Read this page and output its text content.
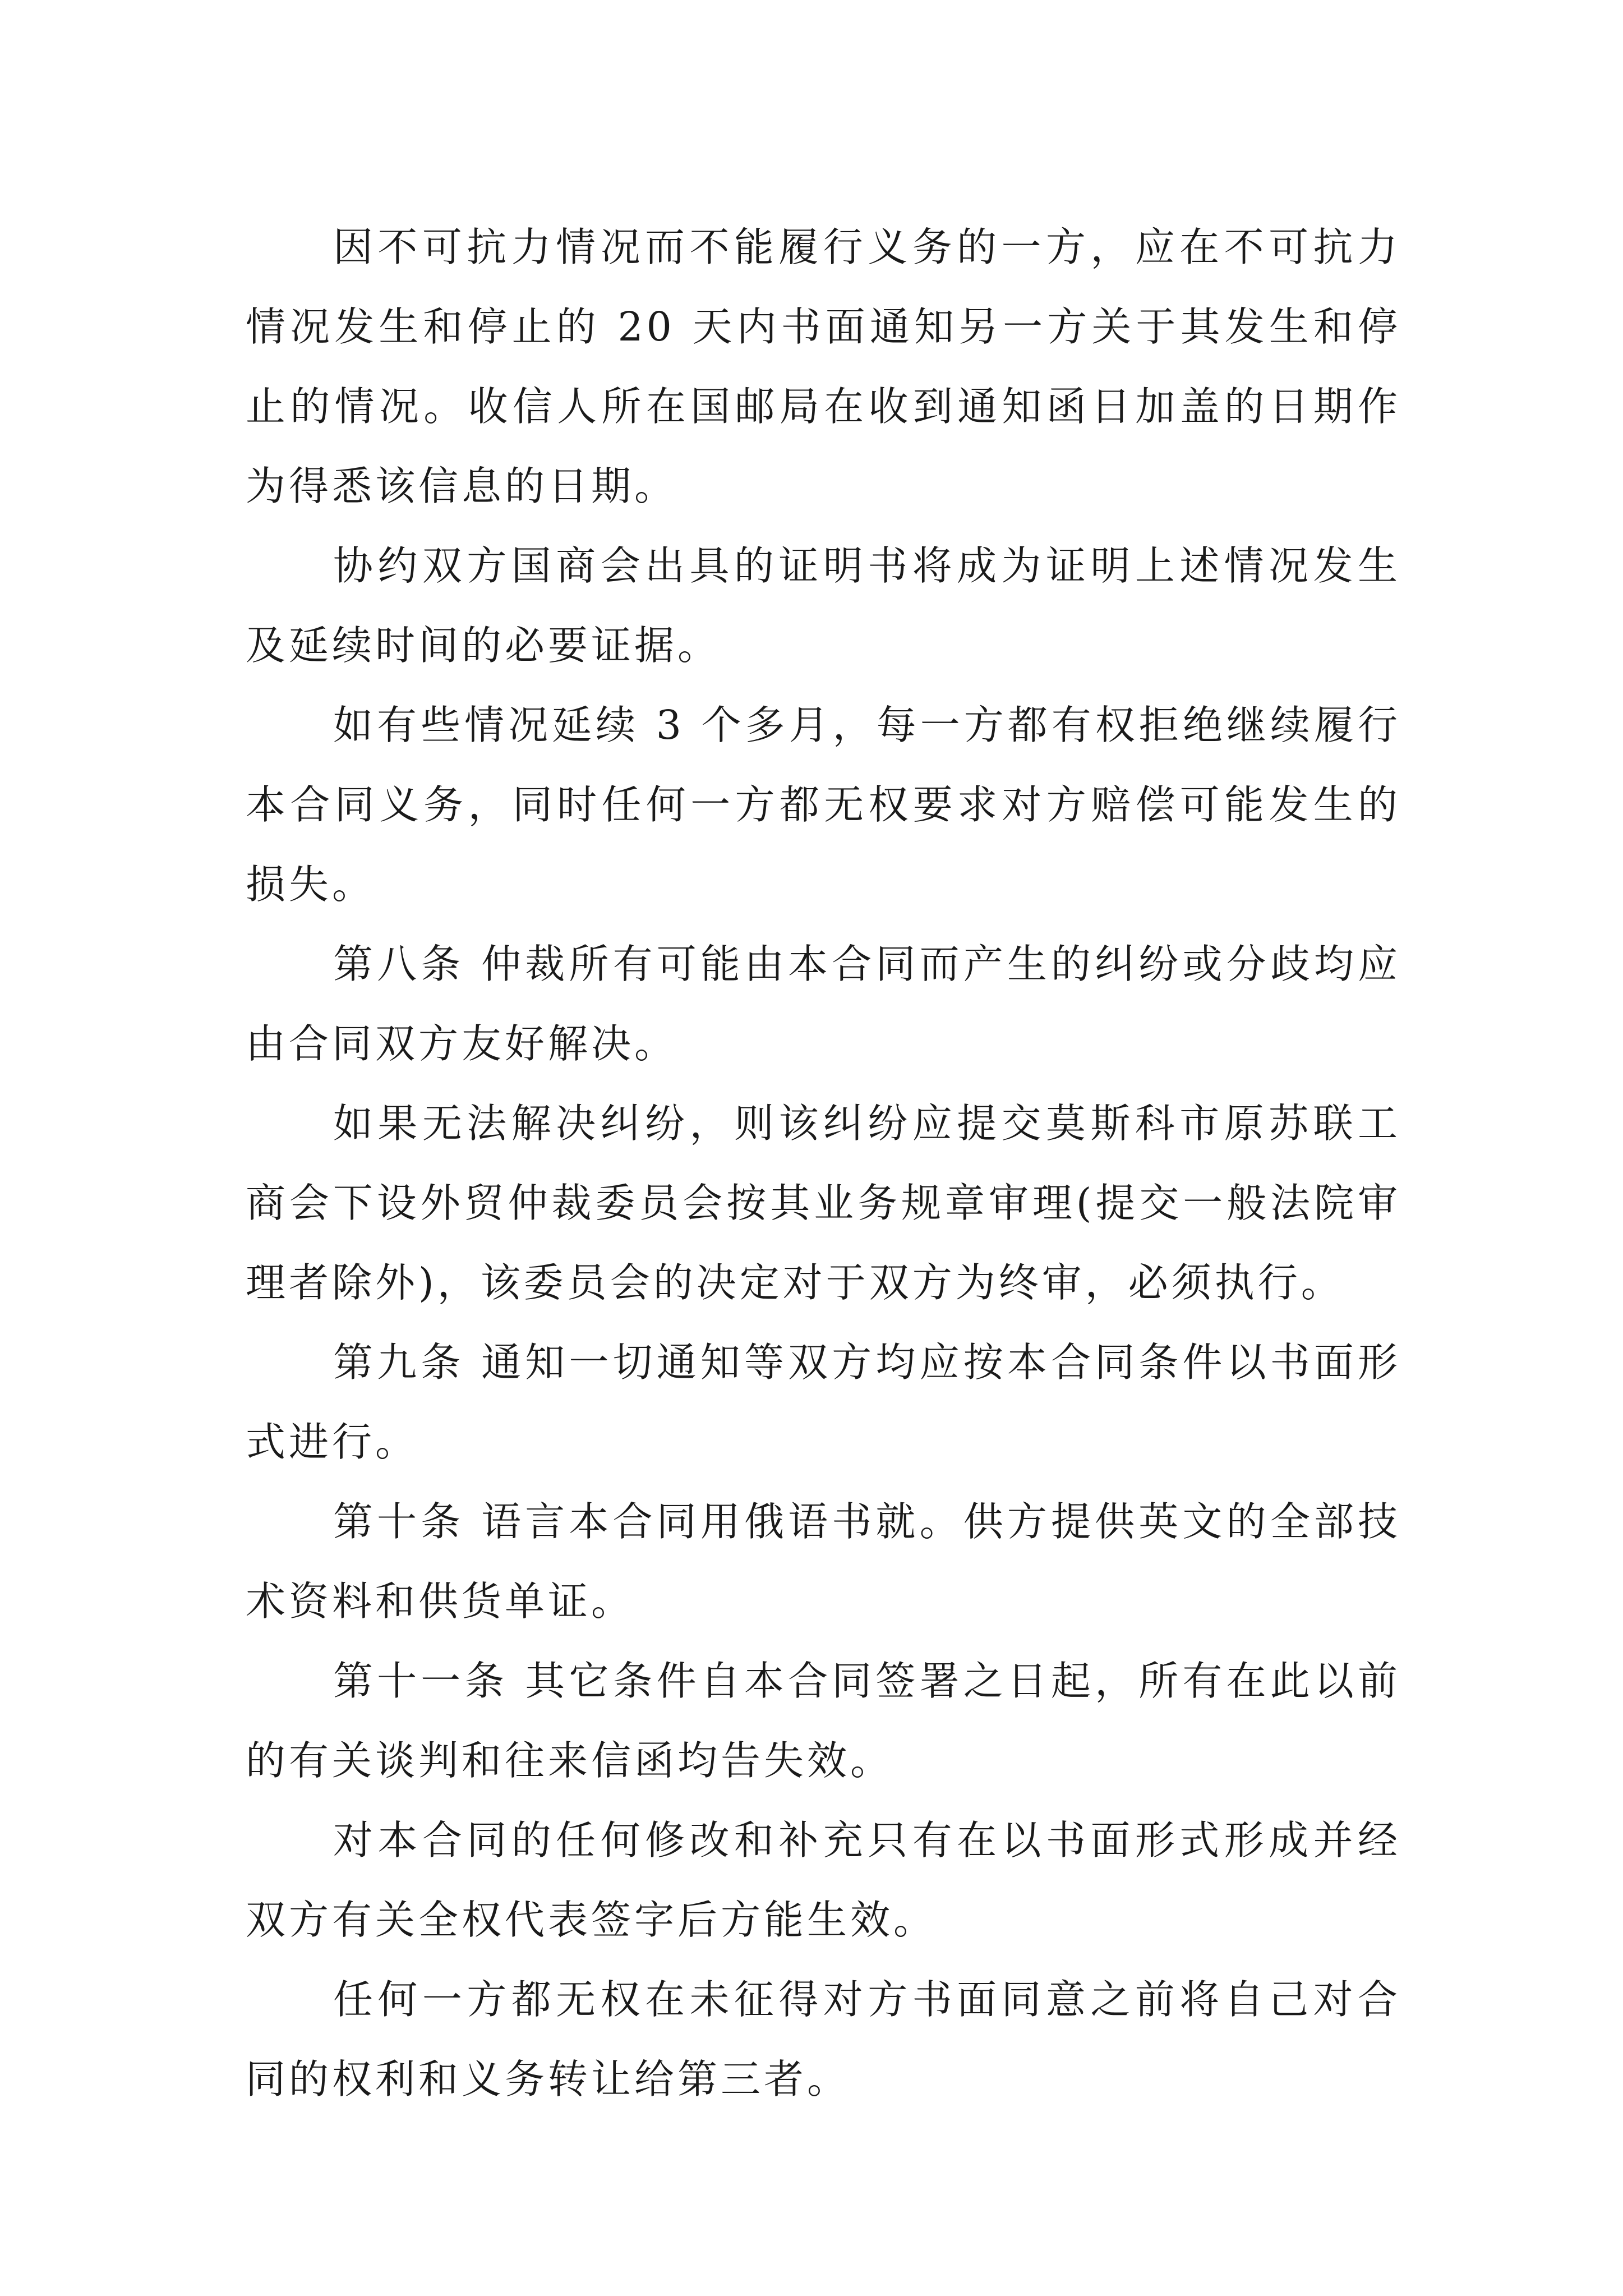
因不可抗力情况而不能履行义务的一方，应在不可抗力情况发生和停止的 20 天内书面通知另一方关于其发生和停止的情况。收信人所在国邮局在收到通知函日加盖的日期作为得悉该信息的日期。

协约双方国商会出具的证明书将成为证明上述情况发生及延续时间的必要证据。

如有些情况延续 3 个多月，每一方都有权拒绝继续履行本合同义务，同时任何一方都无权要求对方赔偿可能发生的损失。

第八条 仲裁所有可能由本合同而产生的纠纷或分歧均应由合同双方友好解决。

如果无法解决纠纷，则该纠纷应提交莫斯科市原苏联工商会下设外贸仲裁委员会按其业务规章审理(提交一般法院审理者除外)，该委员会的决定对于双方为终审，必须执行。

第九条 通知一切通知等双方均应按本合同条件以书面形式进行。

第十条 语言本合同用俄语书就。供方提供英文的全部技术资料和供货单证。

第十一条 其它条件自本合同签署之日起，所有在此以前的有关谈判和往来信函均告失效。

对本合同的任何修改和补充只有在以书面形式形成并经双方有关全权代表签字后方能生效。

任何一方都无权在未征得对方书面同意之前将自己对合同的权利和义务转让给第三者。
